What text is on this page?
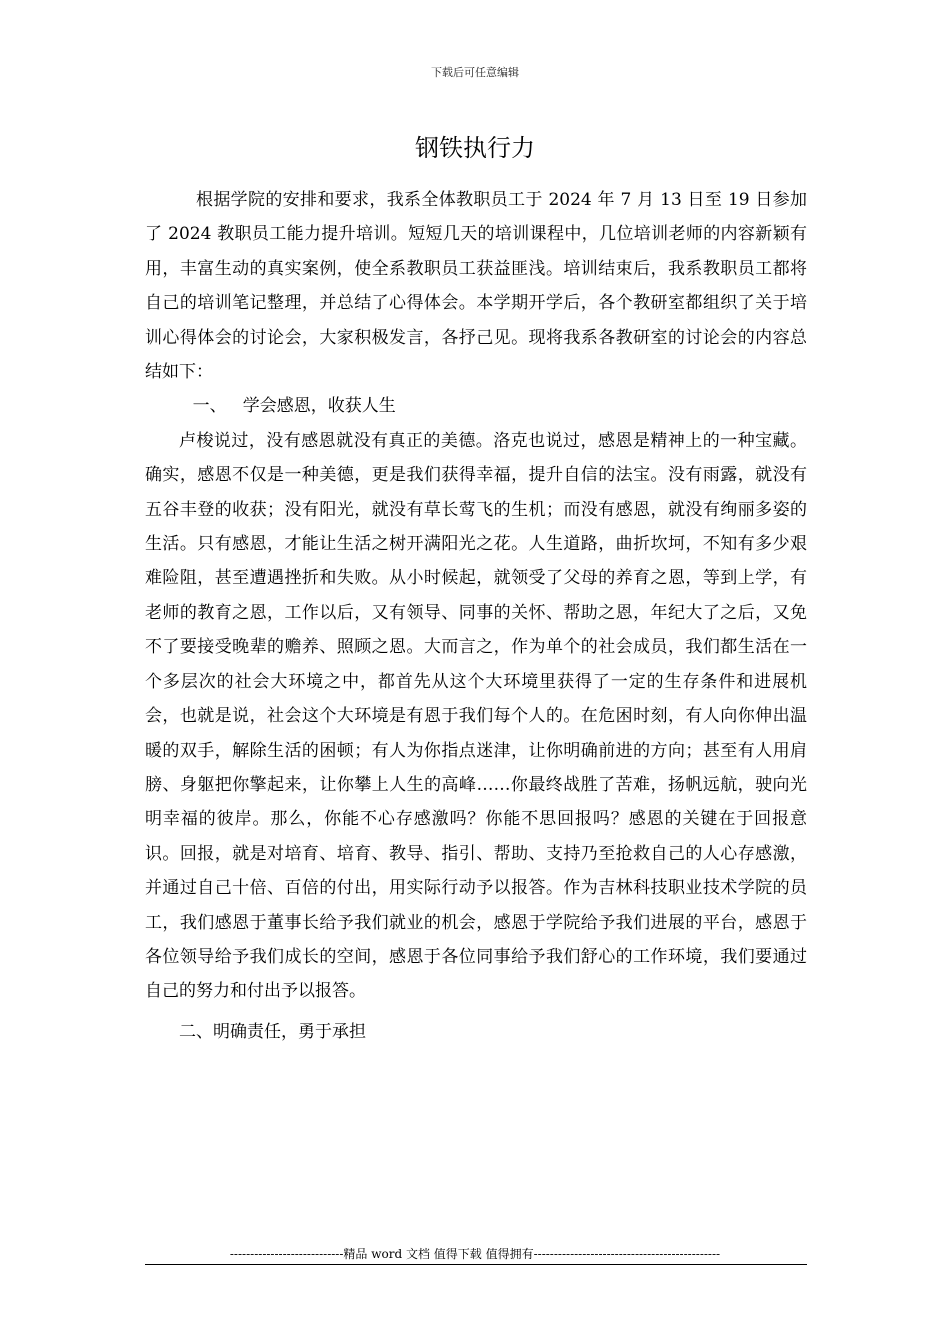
下载后可任意编辑
钢铁执行力

根据学院的安排和要求，我系全体教职员工于 2024 年 7 月 13 日至 19 日参加了 2024 教职员工能力提升培训。短短几天的培训课程中，几位培训老师的内容新颖有用，丰富生动的真实案例，使全系教职员工获益匪浅。培训结束后，我系教职员工都将自己的培训笔记整理，并总结了心得体会。本学期开学后，各个教研室都组织了关于培训心得体会的讨论会，大家积极发言，各抒己见。现将我系各教研室的讨论会的内容总结如下：

一、   学会感恩，收获人生

卢梭说过，没有感恩就没有真正的美德。洛克也说过，感恩是精神上的一种宝藏。确实，感恩不仅是一种美德，更是我们获得幸福，提升自信的法宝。没有雨露，就没有五谷丰登的收获；没有阳光，就没有草长莺飞的生机；而没有感恩，就没有绚丽多姿的生活。只有感恩，才能让生活之树开满阳光之花。人生道路，曲折坎坷，不知有多少艰难险阻，甚至遭遇挫折和失败。从小时候起，就领受了父母的养育之恩，等到上学，有老师的教育之恩，工作以后，又有领导、同事的关怀、帮助之恩，年纪大了之后，又免不了要接受晚辈的赡养、照顾之恩。大而言之，作为单个的社会成员，我们都生活在一个多层次的社会大环境之中，都首先从这个大环境里获得了一定的生存条件和进展机会，也就是说，社会这个大环境是有恩于我们每个人的。在危困时刻，有人向你伸出温暖的双手，解除生活的困顿；有人为你指点迷津，让你明确前进的方向；甚至有人用肩膀、身躯把你擎起来，让你攀上人生的高峰……你最终战胜了苦难，扬帆远航，驶向光明幸福的彼岸。那么，你能不心存感激吗？你能不思回报吗？感恩的关键在于回报意识。回报，就是对培育、培育、教导、指引、帮助、支持乃至抢救自己的人心存感激，并通过自己十倍、百倍的付出，用实际行动予以报答。作为吉林科技职业技术学院的员工，我们感恩于董事长给予我们就业的机会，感恩于学院给予我们进展的平台，感恩于各位领导给予我们成长的空间，感恩于各位同事给予我们舒心的工作环境，我们要通过自己的努力和付出予以报答。

二、明确责任，勇于承担

----------------------------精品 word 文档 值得下载 值得拥有----------------------------------------------
